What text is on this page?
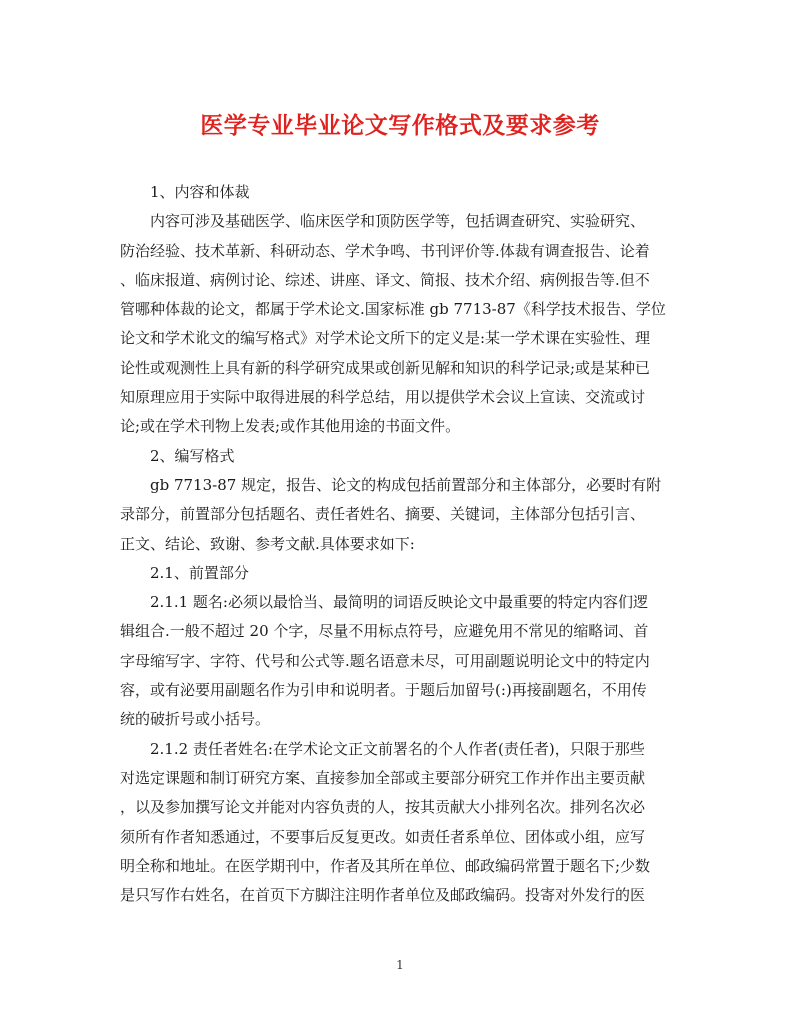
医学专业毕业论文写作格式及要求参考
1、内容和体裁
内容可涉及基础医学、临床医学和顶防医学等，包括调查研究、实验研究、
防治经验、技术革新、科研动态、学术争鸣、书刊评价等.体裁有调查报告、论着
、临床报道、病例讨论、综述、讲座、译文、简报、技术介绍、病例报告等.但不
管哪种体裁的论文，都属于学术论文.国家标准 gb 7713-87《科学技术报告、学位
论文和学术讹文的编写格式》对学术论文所下的定义是:某一学术课在实验性、理
论性或观测性上具有新的科学研究成果或创新见解和知识的科学记录;或是某种已
知原理应用于实际中取得进展的科学总结，用以提供学术会议上宣读、交流或讨
论;或在学术刊物上发表;或作其他用途的书面文件。
2、编写格式
gb 7713-87 规定，报告、论文的构成包括前置部分和主体部分，必要时有附
录部分，前置部分包括题名、责任者姓名、摘要、关键词，主体部分包括引言、
正文、结论、致谢、参考文献.具体要求如下:
2.1、前置部分
2.1.1 题名:必须以最恰当、最简明的词语反映论文中最重要的特定内容们逻
辑组合.一般不超过 20 个字，尽量不用标点符号，应避免用不常见的缩略词、首
字母缩写字、字符、代号和公式等.题名语意未尽，可用副题说明论文中的特定内
容，或有泌要用副题名作为引申和说明者。于题后加留号(:)再接副题名，不用传
统的破折号或小括号。
2.1.2 责任者姓名:在学术论文正文前署名的个人作者(责任者)，只限于那些
对选定课题和制订研究方案、直接参加全部或主要部分研究工作并作出主要贡献
，以及参加撰写论文并能对内容负责的人，按其贡献大小排列名次。排列名次必
须所有作者知悉通过，不要事后反复更改。如责任者系单位、团体或小组，应写
明全称和地址。在医学期刊中，作者及其所在单位、邮政编码常置于题名下;少数
是只写作右姓名，在首页下方脚注注明作者单位及邮政编码。投寄对外发行的医
1
